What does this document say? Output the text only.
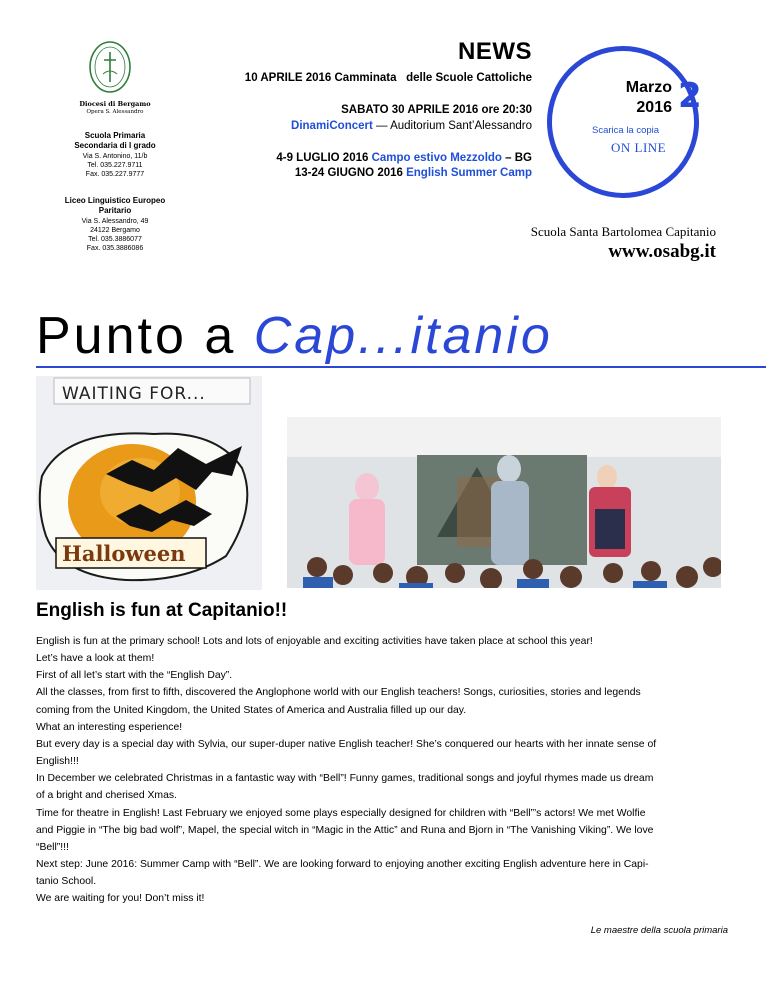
Diocesi di Bergamo
Opera S. Alessandro
Scuola Primaria
Secondaria di I grado
Via S. Antonino, 11/b
Tel. 035.227.9711
Fax. 035.227.9777
Liceo Linguistico Europeo
Paritario
Via S. Alessandro, 49
24122 Bergamo
Tel. 035.3886077
Fax. 035.3886086
NEWS
10 APRILE 2016 Camminata delle Scuole Cattoliche
SABATO 30 APRILE 2016 ore 20:30
DinamiConcert — Auditorium Sant’Alessandro
4-9 LUGLIO 2016 Campo estivo Mezzoldo – BG
13-24 GIUGNO 2016 English Summer Camp
Marzo
2016 2
Scarica la copia
ON LINE
Scuola Santa Bartolomea Capitanio
www.osabg.it
Punto a Cap...itanio
WAITING FOR...
Halloween
English is fun at Capitanio!!

English is fun at the primary school! Lots and lots of enjoyable and exciting activities have taken place at school this year!

Let’s have a look at them!

First of all let’s start with the “English Day”.

All the classes, from first to fifth, discovered the Anglophone world with our English teachers! Songs, curiosities, stories and legends

coming from the United Kingdom, the United States of America and Australia filled up our day.

What an interesting esperience!

But every day is a special day with Sylvia, our super-duper native English teacher! She’s conquered our hearts with her innate sense of

English!!!

In December we celebrated Christmas in a fantastic way with “Bell”! Funny games, traditional songs and joyful rhymes made us dream

of a bright and cherised Xmas.

Time for theatre in English! Last February we enjoyed some plays especially designed for children with “Bell”’s actors! We met Wolfie

and Piggie in “The big bad wolf”, Mapel, the special witch in “Magic in the Attic” and Runa and Bjorn in “The Vanishing Viking”. We love

“Bell”!!!

Next step: June 2016: Summer Camp with “Bell”. We are looking forward to enjoying another exciting English adventure here in Capi-

tanio School.

We are waiting for you! Don’t miss it!

Le maestre della scuola primaria
